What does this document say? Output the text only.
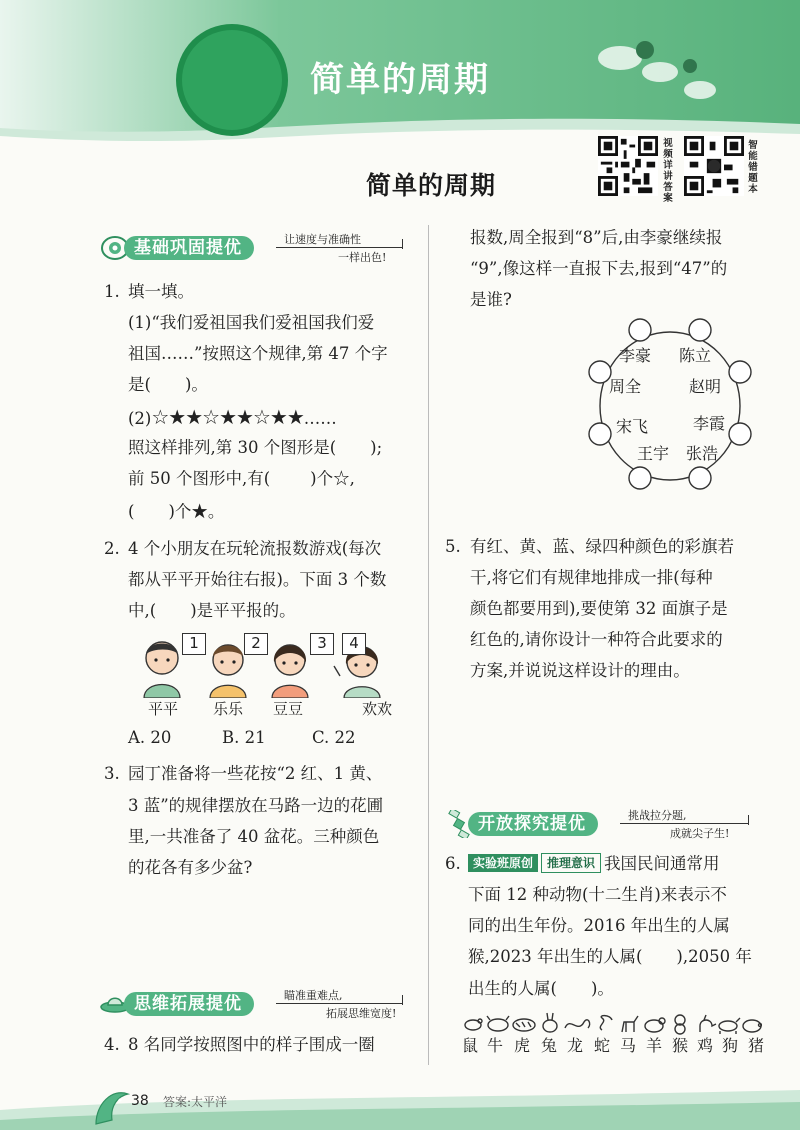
简单的周期
视
频
详
讲
答
案
智
能
错
题
本
简单的周期
基础巩固提优	让速度与准确性
一样出色!
1. 填一填。
(1)“我们爱祖国我们爱祖国我们爱
祖国……”按照这个规律,第 47 个字
是( )。
(2)☆★★☆★★☆★★……
照这样排列,第 30 个图形是( );
前 50 个图形中,有( )个☆,
( )个★。
2. 4 个小朋友在玩轮流报数游戏(每次
都从平平开始往右报)。下面 3 个数
中,( )是平平报的。
1	2	3	4
平平 乐乐 豆豆	欢欢
A. 20	B. 21	C. 22
3. 园丁准备将一些花按“2 红、1 黄、
3 蓝”的规律摆放在马路一边的花圃
里,一共准备了 40 盆花。三种颜色
的花各有多少盆?
思维拓展提优	瞄准重难点,
拓展思维宽度!
4. 8 名同学按照图中的样子围成一圈
报数,周全报到“8”后,由李豪继续报
“9”,像这样一直报下去,报到“47”的
是谁?
李豪 陈立
周全	赵明
宋飞	李霞
王宇 张浩
5. 有红、黄、蓝、绿四种颜色的彩旗若
干,将它们有规律地排成一排(每种
颜色都要用到),要使第 32 面旗子是
红色的,请你设计一种符合此要求的
方案,并说说这样设计的理由。
开放探究提优	挑战拉分题,
成就尖子生!
6.	实验班原创 推理意识 我国民间通常用
下面 12 种动物(十二生肖)来表示不
同的出生年份。2016 年出生的人属
猴,2023 年出生的人属( ),2050 年
出生的人属( )。
鼠 牛 虎 兔 龙 蛇 马 羊 猴 鸡 狗 猪
38 答案:太平洋
